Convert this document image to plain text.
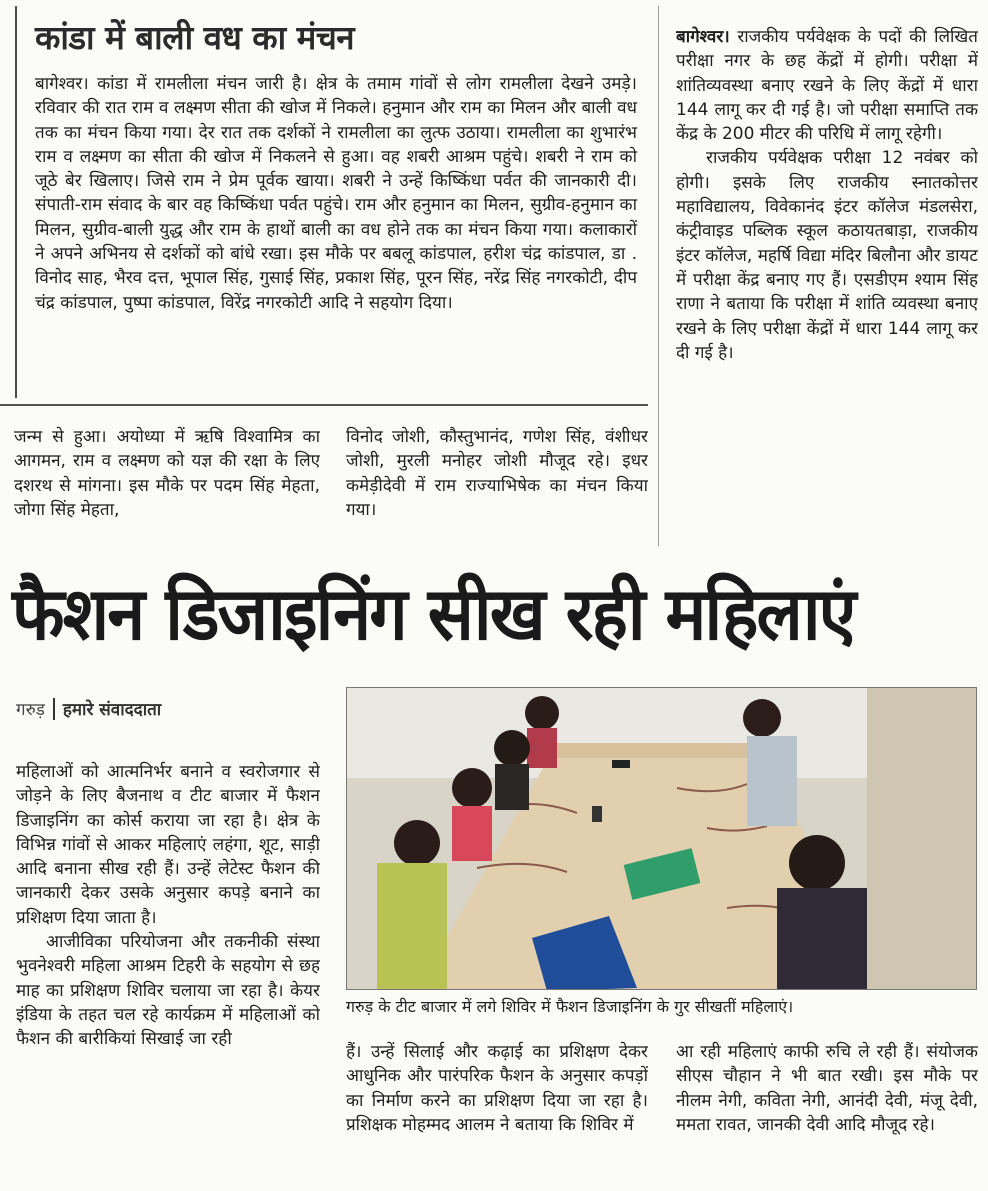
कांडा में बाली वध का मंचन

बागेश्वर। कांडा में रामलीला मंचन जारी है। क्षेत्र के तमाम गांवों से लोग रामलीला देखने उमड़े। रविवार की रात राम व लक्ष्मण सीता की खोज में निकले। हनुमान और राम का मिलन और बाली वध तक का मंचन किया गया। देर रात तक दर्शकों ने रामलीला का लुत्फ उठाया। रामलीला का शुभारंभ राम व लक्ष्मण का सीता की खोज में निकलने से हुआ। वह शबरी आश्रम पहुंचे। शबरी ने राम को जूठे बेर खिलाए। जिसे राम ने प्रेम पूर्वक खाया। शबरी ने उन्हें किष्किंधा पर्वत की जानकारी दी। संपाती-राम संवाद के बार वह किष्किंधा पर्वत पहुंचे। राम और हनुमान का मिलन, सुग्रीव-हनुमान का मिलन, सुग्रीव-बाली युद्ध और राम के हाथों बाली का वध होने तक का मंचन किया गया। कलाकारों ने अपने अभिनय से दर्शकों को बांधे रखा। इस मौके पर बबलू कांडपाल, हरीश चंद्र कांडपाल, डा . विनोद साह, भैरव दत्त, भूपाल सिंह, गुसाई सिंह, प्रकाश सिंह, पूरन सिंह, नरेंद्र सिंह नगरकोटी, दीप चंद्र कांडपाल, पुष्पा कांडपाल, विरेंद्र नगरकोटी आदि ने सहयोग दिया।

जन्म से हुआ। अयोध्या में ऋषि विश्वामित्र का आगमन, राम व लक्ष्मण को यज्ञ की रक्षा के लिए दशरथ से मांगना। इस मौके पर पदम सिंह मेहता, जोगा सिंह मेहता,

विनोद जोशी, कौस्तुभानंद, गणेश सिंह, वंशीधर जोशी, मुरली मनोहर जोशी मौजूद रहे। इधर कमेड़ीदेवी में राम राज्याभिषेक का मंचन किया गया।

बागेश्वर। राजकीय पर्यवेक्षक के पदों की लिखित परीक्षा नगर के छह केंद्रों में होगी। परीक्षा में शांतिव्यवस्था बनाए रखने के लिए केंद्रों में धारा 144 लागू कर दी गई है। जो परीक्षा समाप्ति तक केंद्र के 200 मीटर की परिधि में लागू रहेगी।

राजकीय पर्यवेक्षक परीक्षा 12 नवंबर को होगी। इसके लिए राजकीय स्नातकोत्तर महाविद्यालय, विवेकानंद इंटर कॉलेज मंडलसेरा, कंट्रीवाइड पब्लिक स्कूल कठायतबाड़ा, राजकीय इंटर कॉलेज, महर्षि विद्या मंदिर बिलौना और डायट में परीक्षा केंद्र बनाए गए हैं। एसडीएम श्याम सिंह राणा ने बताया कि परीक्षा में शांति व्यवस्था बनाए रखने के लिए परीक्षा केंद्रों में धारा 144 लागू कर दी गई है।

फैशन डिजाइनिंग सीख रही महिलाएं
गरुड़ हमारे संवाददाता

महिलाओं को आत्मनिर्भर बनाने व स्वरोजगार से जोड़ने के लिए बैजनाथ व टीट बाजार में फैशन डिजाइनिंग का कोर्स कराया जा रहा है। क्षेत्र के विभिन्न गांवों से आकर महिलाएं लहंगा, शूट, साड़ी आदि बनाना सीख रही हैं। उन्हें लेटेस्ट फैशन की जानकारी देकर उसके अनुसार कपड़े बनाने का प्रशिक्षण दिया जाता है।

आजीविका परियोजना और तकनीकी संस्था भुवनेश्वरी महिला आश्रम टिहरी के सहयोग से छह माह का प्रशिक्षण शिविर चलाया जा रहा है। केयर इंडिया के तहत चल रहे कार्यक्रम में महिलाओं को फैशन की बारीकियां सिखाई जा रही

हैं। उन्हें सिलाई और कढ़ाई का प्रशिक्षण देकर आधुनिक और पारंपरिक फैशन के अनुसार कपड़ों का निर्माण करने का प्रशिक्षण दिया जा रहा है। प्रशिक्षक मोहम्मद आलम ने बताया कि शिविर में

आ रही महिलाएं काफी रुचि ले रही हैं। संयोजक सीएस चौहान ने भी बात रखी। इस मौके पर नीलम नेगी, कविता नेगी, आनंदी देवी, मंजू देवी, ममता रावत, जानकी देवी आदि मौजूद रहे।

गरुड़ के टीट बाजार में लगे शिविर में फैशन डिजाइनिंग के गुर सीखतीं महिलाएं।
